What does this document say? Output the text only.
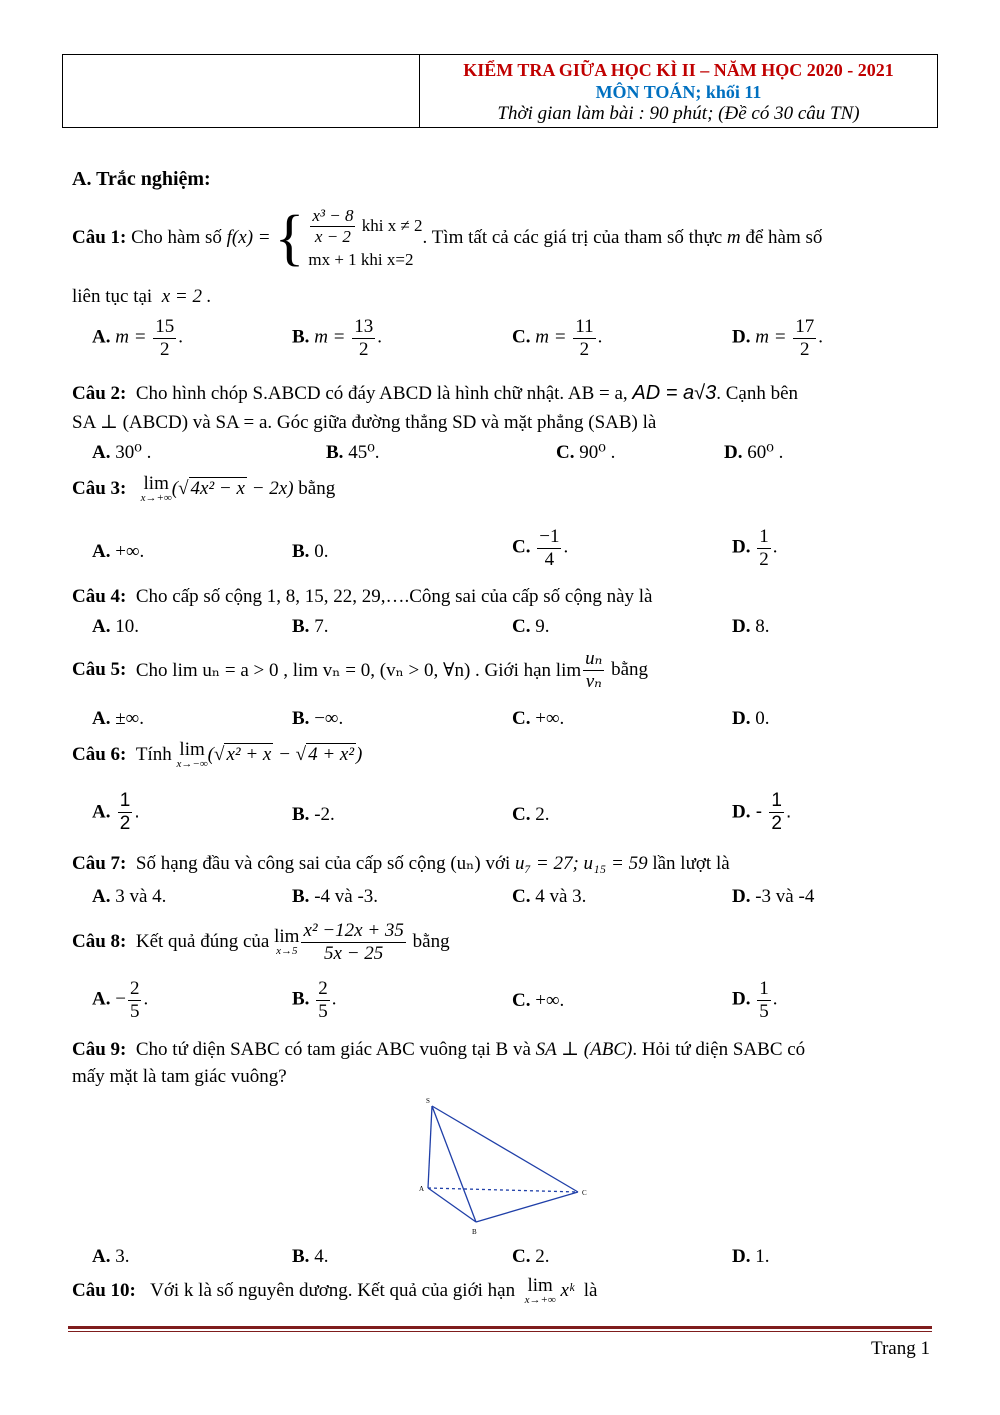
KIỂM TRA GIỮA HỌC KÌ II – NĂM HỌC 2020 - 2021
MÔN TOÁN; khối 11
Thời gian làm bài : 90 phút; (Đề có 30 câu TN)
A. Trắc nghiệm:
Câu 1:
Cho hàm số
f(x) = { $\frac{\text{x³ − 8}}{x - 2}$
khi x ≠ 2
mx + 1 khi x=2
. Tìm tất cả các giá trị của tham số thực
m
để hàm số
liên tục tại x = 2 .
A. $m = \frac{15}{2}$ .	B. $m = \frac{13}{2}$ .	C. $m = \frac{11}{2}$ .	D. $m = \frac{17}{2}$ .
Câu 2: Cho hình chóp S.ABCD có đáy ABCD là hình chữ nhật. AB = a, AD = a√3. Cạnh bên
SA ⊥ (ABCD) và SA = a. Góc giữa đường thẳng SD và mặt phẳng (SAB) là
A. 30⁰ .	B. 45⁰.	C. 90⁰ .	D. 60⁰ .
Câu 3:
lim
x→+∞ (√ 4x² − x − 2x)
bằng
A. +∞.	B. 0.	C. $\frac{-1}{4}$ .	D. $\frac{1}{2}$ .
Câu 4: Cho cấp số cộng 1, 8, 15, 22, 29,….Công sai của cấp số cộng này là
A. 10.	B. 7.	C. 9.	D. 8.
Câu 5:
Cho lim uₙ = a > 0 , lim vₙ = 0, (vₙ > 0, ∀n) . Giới hạn $\lim \frac{\text{uₙ}}{\text{vₙ}}$
bằng
A. ±∞.	B. −∞.	C. +∞.	D. 0.
Câu 6:
Tính
lim
x→−∞ (√ x² + x − √ 4 + x² )
A. $\frac{1}{2}$ .	B. -2.	C. 2.	D. - $\frac{1}{2}$ .
Câu 7: Số hạng đầu và công sai của cấp số cộng (uₙ) với u₇ = 27; u₁₅ = 59 lần lượt là
A. 3 và 4.	B. -4 và -3.	C. 4 và 3.	D. -3 và -4
Câu 8:
Kết quả đúng của
lim
$x\to 5 \frac{\text{x² −12x + 35}}{5x - 25}$
bằng
A. − $\frac{2}{5}$ .	B. $\frac{2}{5}$ .	C. +∞.	D. $\frac{1}{5}$ .
Câu 9: Cho tứ diện SABC có tam giác ABC vuông tại B và SA ⊥ (ABC). Hỏi tứ diện SABC có
mấy mặt là tam giác vuông?
S
A
B
C
A. 3.	B. 4.	C. 2.	D. 1.
Câu 10:
Với k là số nguyên dương. Kết quả của giới hạn
lim
x→+∞
xᵏ
là
Trang 1
